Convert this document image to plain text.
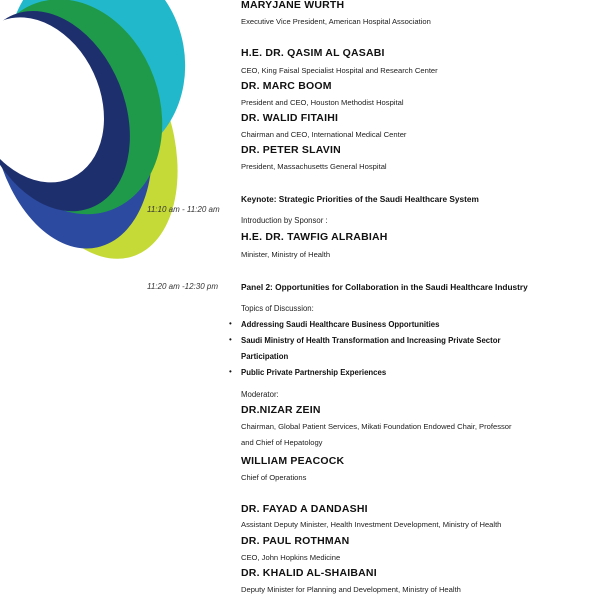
MARYJANE WURTH
Executive Vice President, American Hospital Association
H.E. DR. QASIM AL QASABI
CEO, King Faisal Specialist Hospital and Research Center
DR. MARC BOOM
President and CEO, Houston Methodist Hospital
DR. WALID FITAIHI
Chairman and CEO, International Medical Center
DR. PETER SLAVIN
President, Massachusetts General Hospital
Keynote: Strategic Priorities of the Saudi Healthcare System
11:10 am - 11:20 am
Introduction by Sponsor :
H.E. DR. TAWFIG ALRABIAH
Minister, Ministry of Health
11:20 am -12:30 pm	Panel 2: Opportunities for Collaboration in the Saudi Healthcare Industry
Topics of Discussion:
• Addressing Saudi Healthcare Business Opportunities
• Saudi Ministry of Health Transformation and Increasing Private Sector
Participation
• Public Private Partnership Experiences
Moderator:
DR.NIZAR ZEIN
Chairman, Global Patient Services, Mikati Foundation Endowed Chair, Professor
and Chief of Hepatology
WILLIAM PEACOCK
Chief of Operations
DR. FAYAD A DANDASHI
Assistant Deputy Minister, Health Investment Development, Ministry of Health
DR. PAUL ROTHMAN
CEO, John Hopkins Medicine
DR. KHALID AL-SHAIBANI
Deputy Minister for Planning and Development, Ministry of Health
